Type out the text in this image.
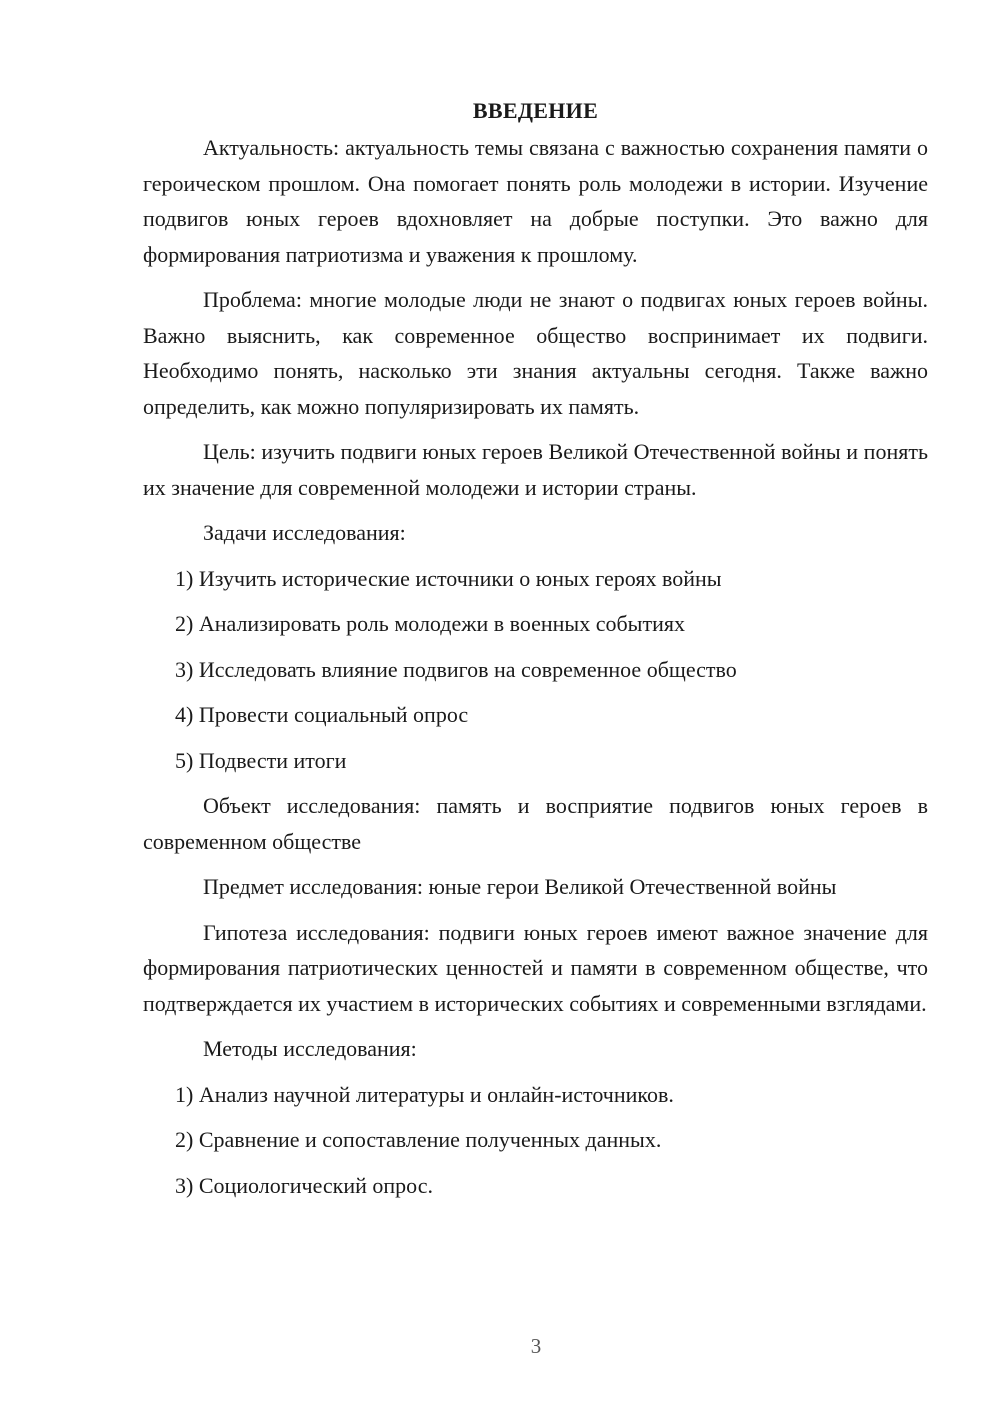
ВВЕДЕНИЕ

Актуальность: актуальность темы связана с важностью сохранения памяти о героическом прошлом. Она помогает понять роль молодежи в истории. Изучение подвигов юных героев вдохновляет на добрые поступки. Это важно для формирования патриотизма и уважения к прошлому.

Проблема: многие молодые люди не знают о подвигах юных героев войны. Важно выяснить, как современное общество воспринимает их подвиги. Необходимо понять, насколько эти знания актуальны сегодня. Также важно определить, как можно популяризировать их память.

Цель: изучить подвиги юных героев Великой Отечественной войны и понять их значение для современной молодежи и истории страны.

Задачи исследования:

1) Изучить исторические источники о юных героях войны

2) Анализировать роль молодежи в военных событиях

3) Исследовать влияние подвигов на современное общество

4) Провести социальный опрос

5) Подвести итоги

Объект исследования: память и восприятие подвигов юных героев в современном обществе

Предмет исследования: юные герои Великой Отечественной войны

Гипотеза исследования: подвиги юных героев имеют важное значение для формирования патриотических ценностей и памяти в современном обществе, что подтверждается их участием в исторических событиях и современными взглядами.

Методы исследования:

1) Анализ научной литературы и онлайн-источников.

2) Сравнение и сопоставление полученных данных.

3) Социологический опрос.

3
